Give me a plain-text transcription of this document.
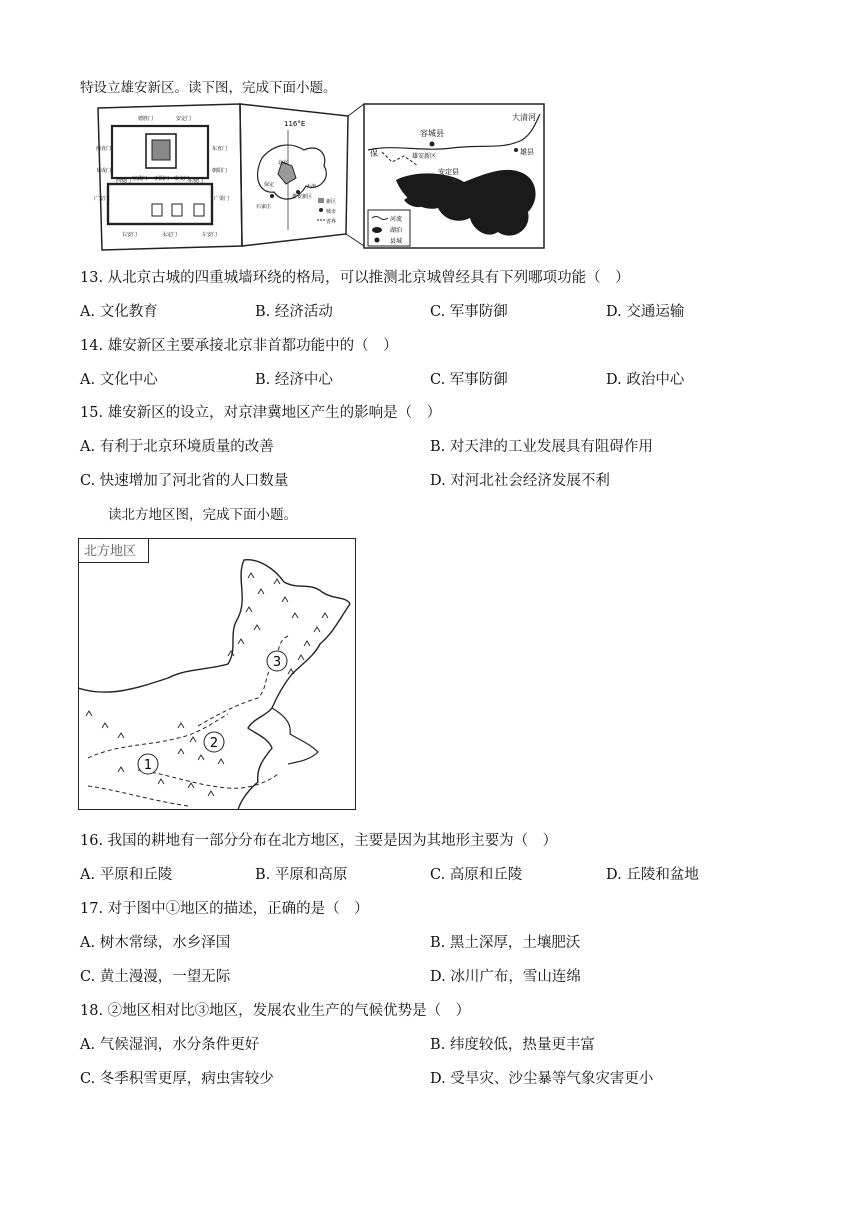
特设立雄安新区。读下图，完成下面小题。
德胜门	安定门
西直门	东直门
阜成门	朝阳门
西便门	东便门
广安门	广渠门
右安门	左安门
永定门
宣武门 正阳门 崇文门
116°E
北京
天津
石家庄
保定
雄安新区
新区
城市
省界
容城县
大清河
雄县
安定县
雄安新区
保
河流
湖泊
县城
13. 从北京古城的四重城墙环绕的格局，可以推测北京城曾经具有下列哪项功能（　）
A. 文化教育	B. 经济活动	C. 军事防御	D. 交通运输
14. 雄安新区主要承接北京非首都功能中的（　）
A. 文化中心	B. 经济中心	C. 军事防御	D. 政治中心
15. 雄安新区的设立，对京津冀地区产生的影响是（　）
A. 有利于北京环境质量的改善	B. 对天津的工业发展具有阻碍作用
C. 快速增加了河北省的人口数量	D. 对河北社会经济发展不利
读北方地区图，完成下面小题。
北方地区
1
2
3
16. 我国的耕地有一部分分布在北方地区，主要是因为其地形主要为（　）
A. 平原和丘陵	B. 平原和高原	C. 高原和丘陵	D. 丘陵和盆地
17. 对于图中①地区的描述，正确的是（　）
A. 树木常绿，水乡泽国	B. 黑土深厚，土壤肥沃
C. 黄土漫漫，一望无际	D. 冰川广布，雪山连绵
18. ②地区相对比③地区，发展农业生产的气候优势是（　）
A. 气候湿润，水分条件更好	B. 纬度较低，热量更丰富
C. 冬季积雪更厚，病虫害较少	D. 受旱灾、沙尘暴等气象灾害更小
